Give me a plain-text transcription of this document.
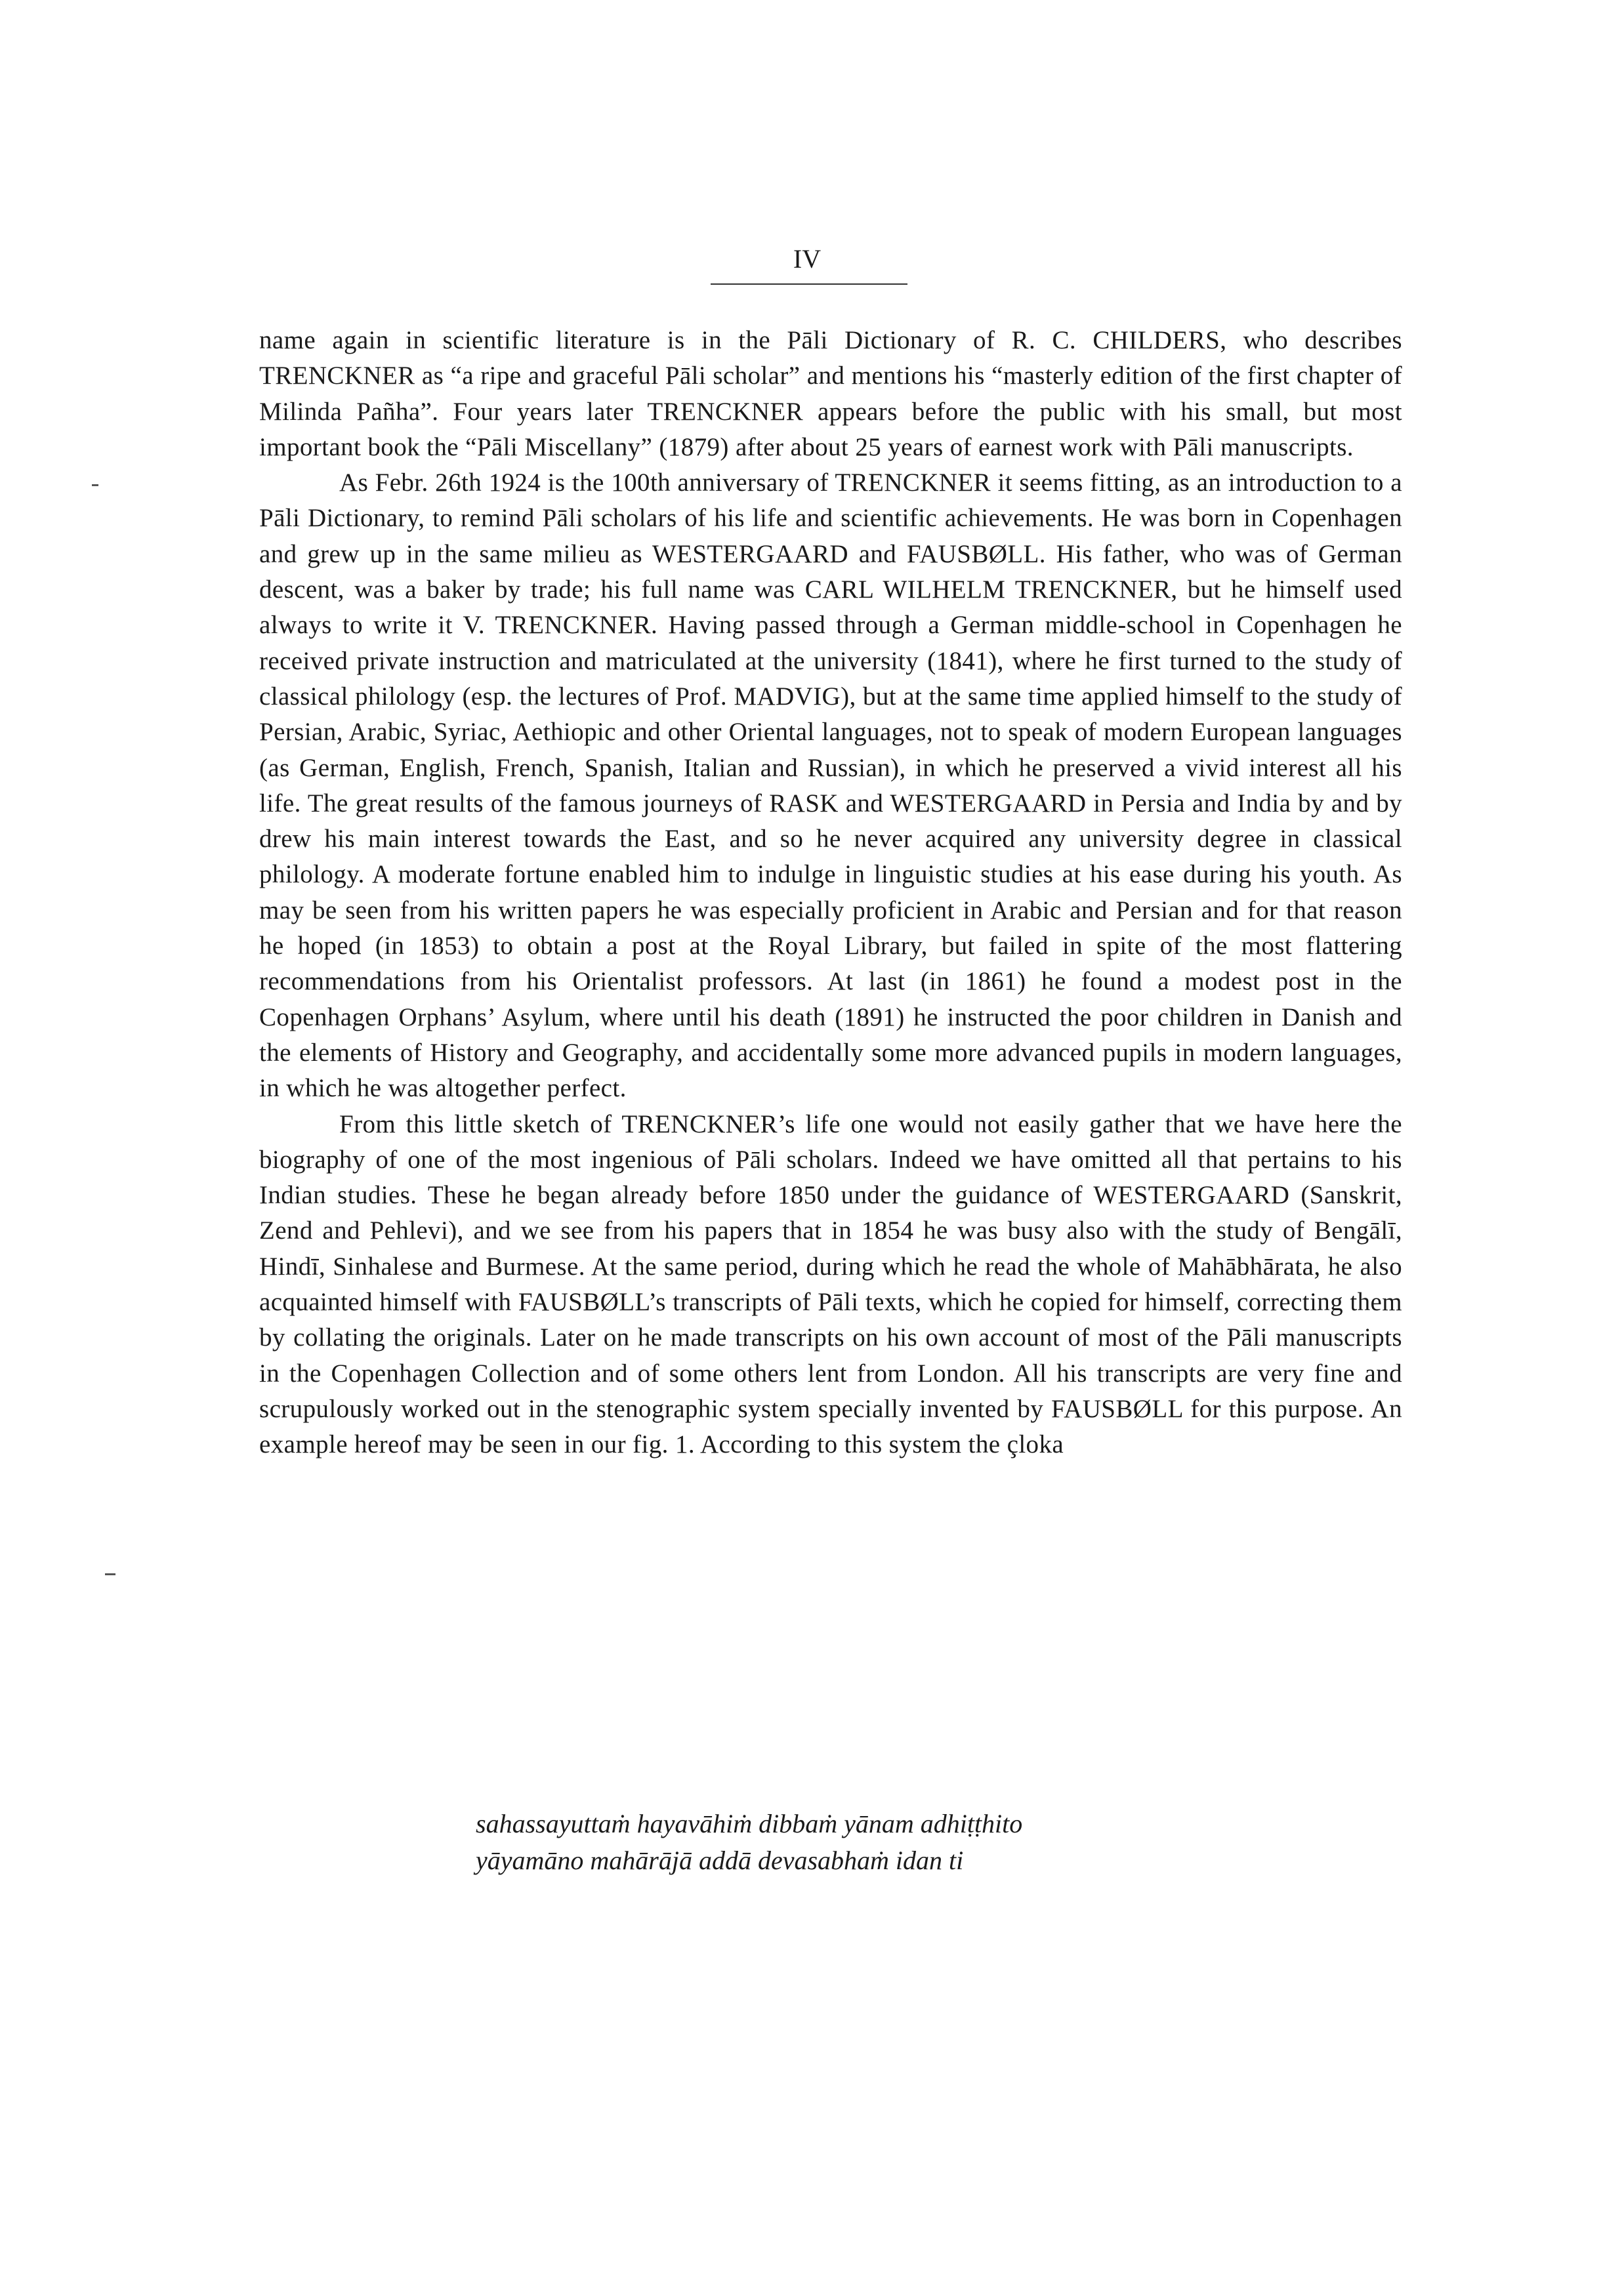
IV

name again in scientific literature is in the Pāli Dictionary of R. C. CHILDERS, who describes TRENCKNER as “a ripe and graceful Pāli scholar” and mentions his “masterly edition of the first chapter of Milinda Pañha”. Four years later TRENCKNER appears before the public with his small, but most important book the “Pāli Miscellany” (1879) after about 25 years of earnest work with Pāli manuscripts.

As Febr. 26th 1924 is the 100th anniversary of TRENCKNER it seems fitting, as an introduction to a Pāli Dictionary, to remind Pāli scholars of his life and scientific achievements. He was born in Copenhagen and grew up in the same milieu as WESTERGAARD and FAUSBØLL. His father, who was of German descent, was a baker by trade; his full name was CARL WILHELM TRENCKNER, but he himself used always to write it V. TRENCKNER. Having passed through a German middle-school in Copenhagen he received private instruction and matriculated at the university (1841), where he first turned to the study of classical philology (esp. the lectures of Prof. MADVIG), but at the same time applied himself to the study of Persian, Arabic, Syriac, Aethiopic and other Oriental languages, not to speak of modern European languages (as German, English, French, Spanish, Italian and Russian), in which he preserved a vivid interest all his life. The great results of the famous journeys of RASK and WESTERGAARD in Persia and India by and by drew his main interest towards the East, and so he never acquired any university degree in classical philology. A moderate fortune enabled him to indulge in linguistic studies at his ease during his youth. As may be seen from his written papers he was especially proficient in Arabic and Persian and for that reason he hoped (in 1853) to obtain a post at the Royal Library, but failed in spite of the most flattering recommendations from his Orientalist professors. At last (in 1861) he found a modest post in the Copenhagen Orphans’ Asylum, where until his death (1891) he instructed the poor children in Danish and the elements of History and Geography, and accidentally some more advanced pupils in modern languages, in which he was altogether perfect.

From this little sketch of TRENCKNER’s life one would not easily gather that we have here the biography of one of the most ingenious of Pāli scholars. Indeed we have omitted all that pertains to his Indian studies. These he began already before 1850 under the guidance of WESTERGAARD (Sanskrit, Zend and Pehlevi), and we see from his papers that in 1854 he was busy also with the study of Bengālī, Hindī, Sinhalese and Burmese. At the same period, during which he read the whole of Mahābhārata, he also acquainted himself with FAUSBØLL’s transcripts of Pāli texts, which he copied for himself, correcting them by collating the originals. Later on he made transcripts on his own account of most of the Pāli manuscripts in the Copenhagen Collection and of some others lent from London. All his transcripts are very fine and scrupulously worked out in the stenographic system specially invented by FAUSBØLL for this purpose. An example hereof may be seen in our fig. 1. According to this system the çloka

sahassayuttaṁ hayavāhiṁ dibbaṁ yānam adhiṭṭhito
yāyamāno mahārājā addā devasabhaṁ idan ti
